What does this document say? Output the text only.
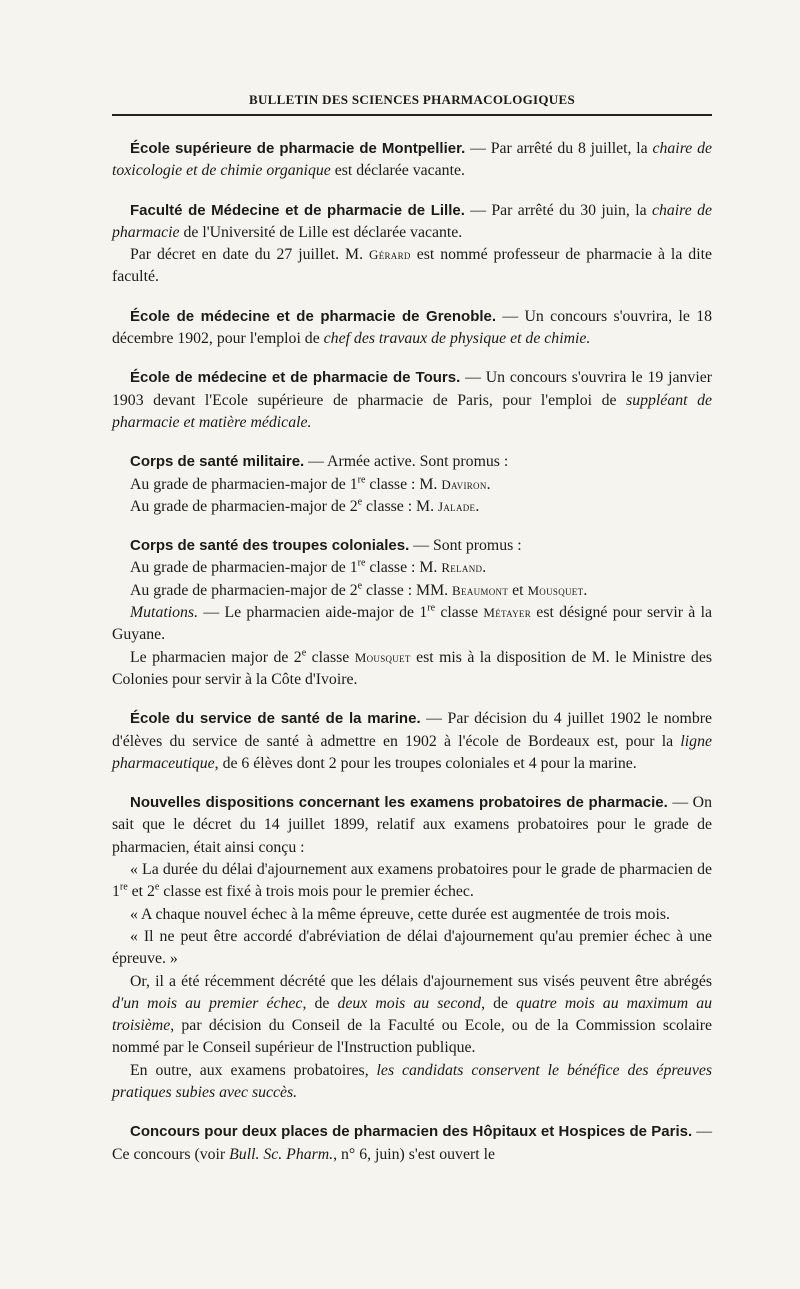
BULLETIN DES SCIENCES PHARMACOLOGIQUES

École supérieure de pharmacie de Montpellier. — Par arrêté du 8 juillet, la chaire de toxicologie et de chimie organique est déclarée vacante.

Faculté de Médecine et de pharmacie de Lille. — Par arrêté du 30 juin, la chaire de pharmacie de l'Université de Lille est déclarée vacante.

Par décret en date du 27 juillet. M. Gérard est nommé professeur de pharmacie à la dite faculté.

École de médecine et de pharmacie de Grenoble. — Un concours s'ouvrira, le 18 décembre 1902, pour l'emploi de chef des travaux de physique et de chimie.

École de médecine et de pharmacie de Tours. — Un concours s'ouvrira le 19 janvier 1903 devant l'Ecole supérieure de pharmacie de Paris, pour l'emploi de suppléant de pharmacie et matière médicale.

Corps de santé militaire. — Armée active. Sont promus :

Au grade de pharmacien-major de 1re classe : M. Daviron.

Au grade de pharmacien-major de 2e classe : M. Jalade.

Corps de santé des troupes coloniales. — Sont promus :

Au grade de pharmacien-major de 1re classe : M. Reland.

Au grade de pharmacien-major de 2e classe : MM. Beaumont et Mousquet.

Mutations. — Le pharmacien aide-major de 1re classe Métayer est désigné pour servir à la Guyane.

Le pharmacien major de 2e classe Mousquet est mis à la disposition de M. le Ministre des Colonies pour servir à la Côte d'Ivoire.

École du service de santé de la marine. — Par décision du 4 juillet 1902 le nombre d'élèves du service de santé à admettre en 1902 à l'école de Bordeaux est, pour la ligne pharmaceutique, de 6 élèves dont 2 pour les troupes coloniales et 4 pour la marine.

Nouvelles dispositions concernant les examens probatoires de pharmacie. — On sait que le décret du 14 juillet 1899, relatif aux examens probatoires pour le grade de pharmacien, était ainsi conçu :

« La durée du délai d'ajournement aux examens probatoires pour le grade de pharmacien de 1re et 2e classe est fixé à trois mois pour le premier échec.

« A chaque nouvel échec à la même épreuve, cette durée est augmentée de trois mois.

« Il ne peut être accordé d'abréviation de délai d'ajournement qu'au premier échec à une épreuve. »

Or, il a été récemment décrété que les délais d'ajournement sus visés peuvent être abrégés d'un mois au premier échec, de deux mois au second, de quatre mois au maximum au troisième, par décision du Conseil de la Faculté ou Ecole, ou de la Commission scolaire nommé par le Conseil supérieur de l'Instruction publique.

En outre, aux examens probatoires, les candidats conservent le bénéfice des épreuves pratiques subies avec succès.

Concours pour deux places de pharmacien des Hôpitaux et Hospices de Paris. — Ce concours (voir Bull. Sc. Pharm., n° 6, juin) s'est ouvert le
